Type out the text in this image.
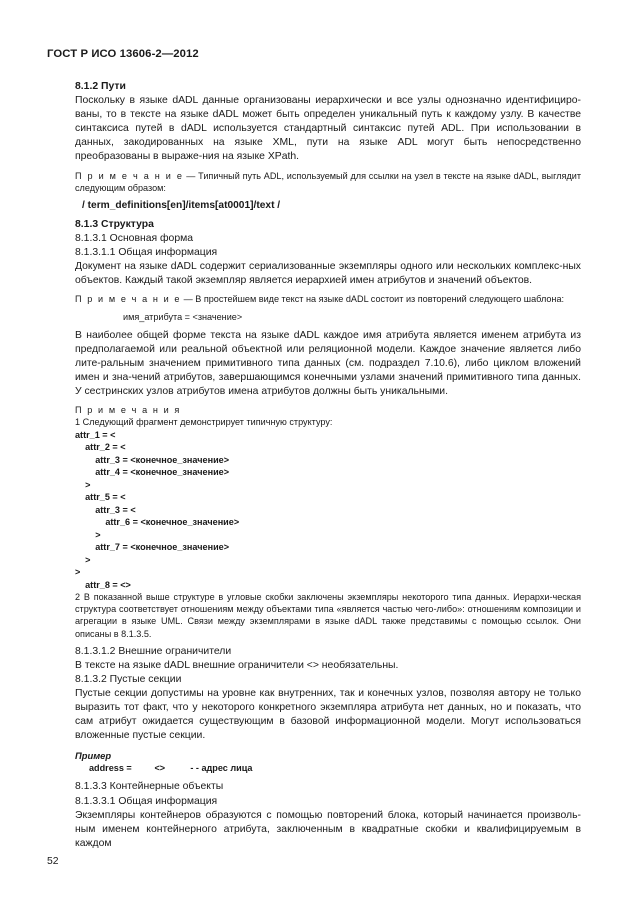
ГОСТ Р ИСО 13606-2—2012

8.1.2 Пути

Поскольку в языке dADL данные организованы иерархически и все узлы однозначно идентифициро-ваны, то в тексте на языке dADL может быть определен уникальный путь к каждому узлу. В качестве синтаксиса путей в dADL используется стандартный синтаксис путей ADL. При использовании в данных, закодированных на языке XML, пути на языке ADL могут быть непосредственно преобразованы в выраже-ния на языке XPath.

П р и м е ч а н и е — Типичный путь ADL, используемый для ссылки на узел в тексте на языке dADL, выглядит следующим образом:

/ term_definitions[en]/items[at0001]/text /

8.1.3 Структура

8.1.3.1 Основная форма

8.1.3.1.1 Общая информация

Документ на языке dADL содержит сериализованные экземпляры одного или нескольких комплекс-ных объектов. Каждый такой экземпляр является иерархией имен атрибутов и значений объектов.

П р и м е ч а н и е — В простейшем виде текст на языке dADL состоит из повторений следующего шаблона:

имя_атрибута = <значение>

В наиболее общей форме текста на языке dADL каждое имя атрибута является именем атрибута из предполагаемой или реальной объектной или реляционной модели. Каждое значение является либо лите-ральным значением примитивного типа данных (см. подраздел 7.10.6), либо циклом вложений имен и зна-чений атрибутов, завершающимся конечными узлами значений примитивного типа данных. У сестринских узлов атрибутов имена атрибутов должны быть уникальными.

П р и м е ч а н и я

1 Следующий фрагмент демонстрирует типичную структуру:

attr_1 = <

attr_2 = <

attr_3 = <конечное_значение>

attr_4 = <конечное_значение>

>

attr_5 = <

attr_3 = <

attr_6 = <конечное_значение>

>

attr_7 = <конечное_значение>

>

>

attr_8 = <>

2 В показанной выше структуре в угловые скобки заключены экземпляры некоторого типа данных. Иерархи-ческая структура соответствует отношениям между объектами типа «является частью чего-либо»: отношениям композиции и агрегации в языке UML. Связи между экземплярами в языке dADL также представимы с помощью ссылок. Они описаны в 8.1.3.5.

8.1.3.1.2 Внешние ограничители

В тексте на языке dADL внешние ограничители <> необязательны.

8.1.3.2 Пустые секции

Пустые секции допустимы на уровне как внутренних, так и конечных узлов, позволяя автору не только выразить тот факт, что у некоторого конкретного экземпляра атрибута нет данных, но и показать, что сам атрибут ожидается существующим в базовой информационной модели. Могут использоваться вложенные пустые секции.

Пример

address =         <>          - - адрес лица

8.1.3.3 Контейнерные объекты

8.1.3.3.1 Общая информация

Экземпляры контейнеров образуются с помощью повторений блока, который начинается произволь-ным именем контейнерного атрибута, заключенным в квадратные скобки и квалифицируемым в каждом

52
